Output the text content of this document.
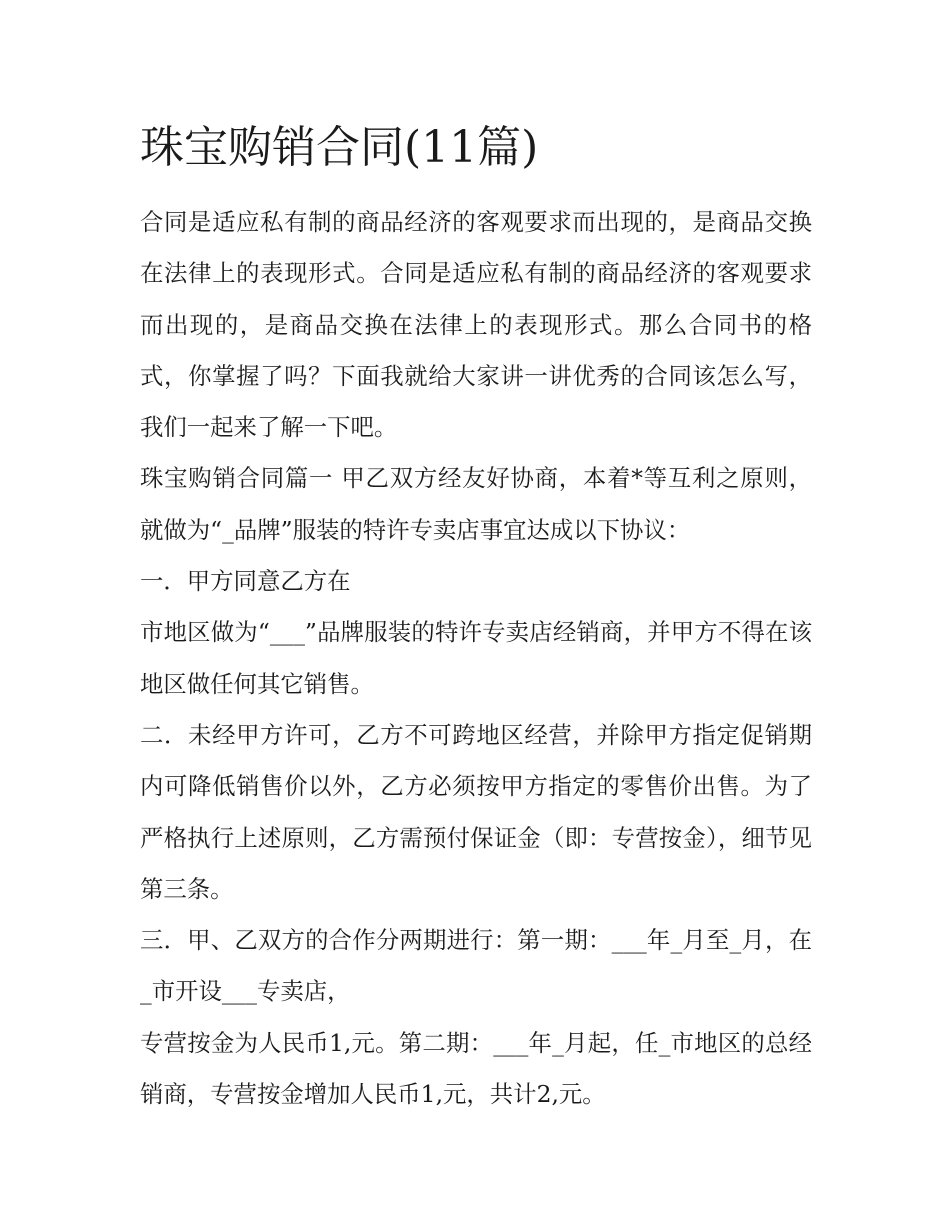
珠宝购销合同(11篇)

合同是适应私有制的商品经济的客观要求而出现的，是商品交换在法律上的表现形式。合同是适应私有制的商品经济的客观要求而出现的，是商品交换在法律上的表现形式。那么合同书的格式，你掌握了吗？下面我就给大家讲一讲优秀的合同该怎么写，我们一起来了解一下吧。

珠宝购销合同篇一 甲乙双方经友好协商，本着*等互利之原则，就做为“_品牌”服装的特许专卖店事宜达成以下协议：

一．甲方同意乙方在

市地区做为“___”品牌服装的特许专卖店经销商，并甲方不得在该地区做任何其它销售。

二．未经甲方许可，乙方不可跨地区经营，并除甲方指定促销期内可降低销售价以外，乙方必须按甲方指定的零售价出售。为了严格执行上述原则，乙方需预付保证金（即：专营按金），细节见第三条。

三．甲、乙双方的合作分两期进行：第一期：___年_月至_月，在_市开设___专卖店，

专营按金为人民币1,元。第二期：___年_月起，任_市地区的总经销商，专营按金增加人民币1,元，共计2,元。
